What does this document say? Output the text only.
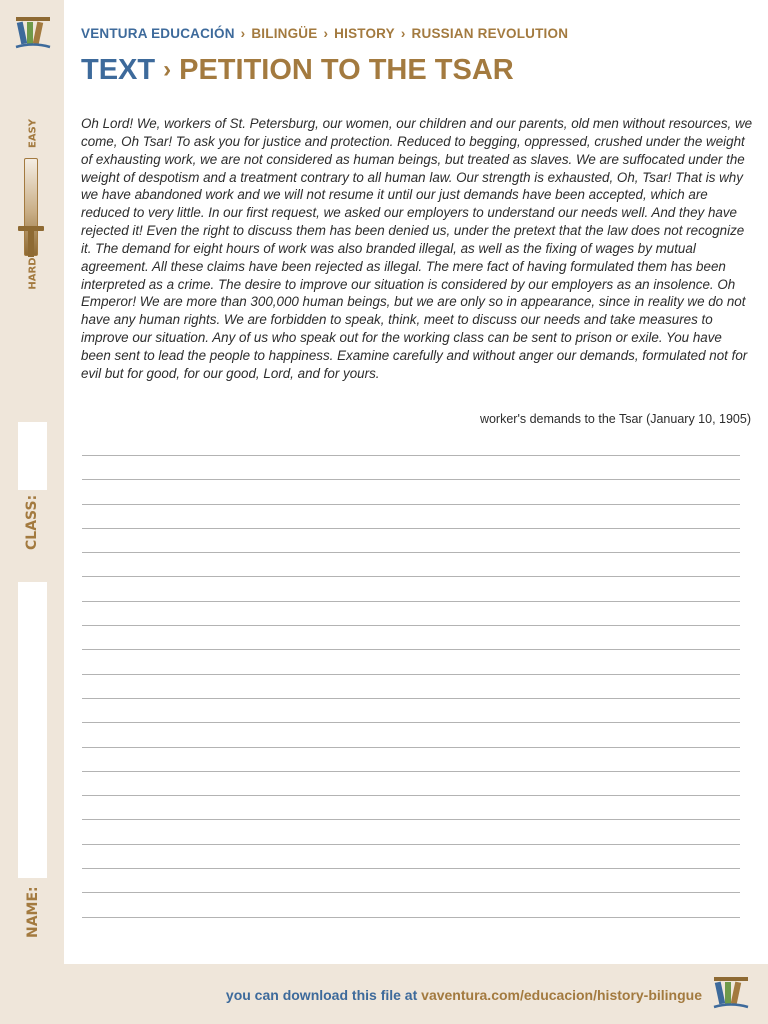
EASY
HARD
CLASS:
NAME:
VENTURA EDUCACIÓN › BILINGÜE › HISTORY › RUSSIAN REVOLUTION
TEXT › PETITION TO THE TSAR
Oh Lord! We, workers of St. Petersburg, our women, our children and our parents, old men without resources, we come, Oh Tsar! To ask you for justice and protection. Reduced to begging, oppressed, crushed under the weight of exhausting work, we are not considered as human beings, but treated as slaves. We are suffocated under the weight of despotism and a treatment contrary to all human law. Our strength is exhausted, Oh, Tsar! That is why we have abandoned work and we will not resume it until our just demands have been accepted, which are reduced to very little. In our first request, we asked our employers to understand our needs well. And they have rejected it! Even the right to discuss them has been denied us, under the pretext that the law does not recognize it. The demand for eight hours of work was also branded illegal, as well as the fixing of wages by mutual agreement. All these claims have been rejected as illegal. The mere fact of having formulated them has been interpreted as a crime. The desire to improve our situation is considered by our employers as an insolence. Oh Emperor! We are more than 300,000 human beings, but we are only so in appearance, since in reality we do not have any human rights. We are forbidden to speak, think, meet to discuss our needs and take measures to improve our situation. Any of us who speak out for the working class can be sent to prison or exile. You have been sent to lead the people to happiness. Examine carefully and without anger our demands, formulated not for evil but for good, for our good, Lord, and for yours.
worker's demands to the Tsar (January 10, 1905)
you can download this file at vaventura.com/educacion/history-bilingue
